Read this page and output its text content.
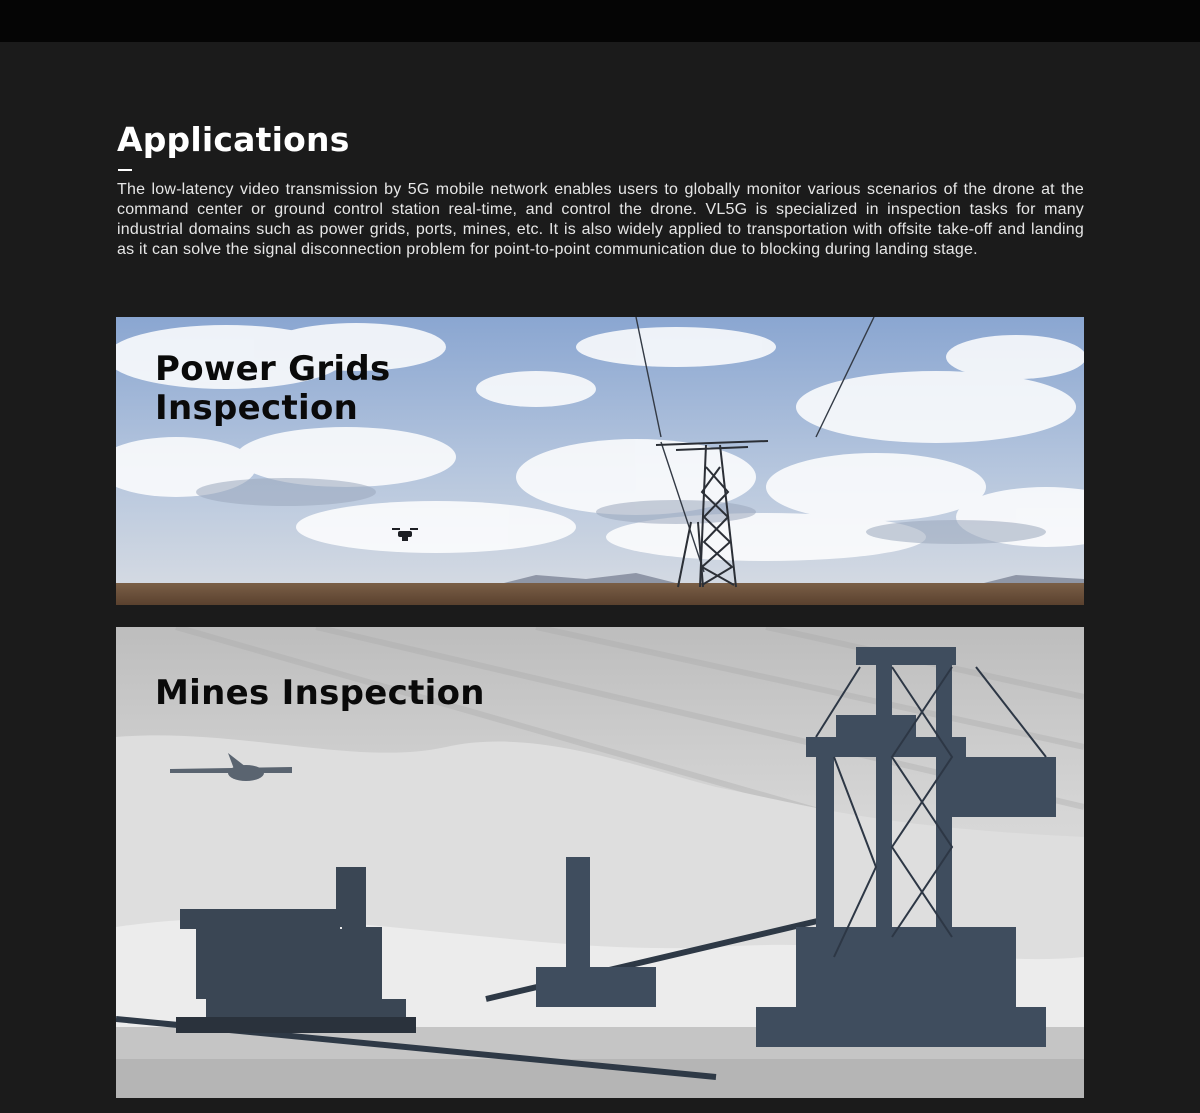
Applications

The low-latency video transmission by 5G mobile network enables users to globally monitor various scenarios of the drone at the command center or ground control station real-time, and control the drone. VL5G is specialized in inspection tasks for many industrial domains such as power grids, ports, mines, etc. It is also widely applied to transportation with offsite take-off and landing as it can solve the signal disconnection problem for point-to-point communication due to blocking during landing stage.

Power Grids Inspection
Mines Inspection
